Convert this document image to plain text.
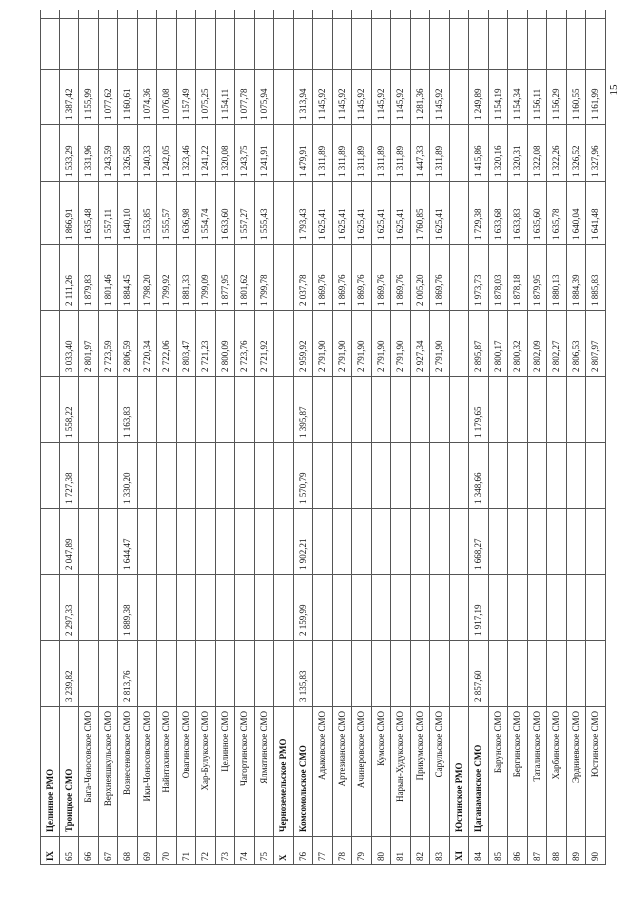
IX
Целинное РМО
65
Троицкое СМО
3 239,82
2 297,33
2 047,89
1 727,38
1 558,22
3 033,40
2 111,26
1 866,91
1 533,29
1 387,42
66
Бага-Чоносовское СМО
2 801,97
1 879,83
1 635,48
1 331,96
1 155,99
67
Верхнеяшкульское СМО
2 723,59
1 801,46
1 557,11
1 243,59
1 077,62
68
Вознесеновское СМО
2 813,76
1 889,38
1 644,47
1 330,20
1 163,83
2 806,59
1 884,45
1 640,10
1 326,58
1 160,61
69
Ики-Чоносовское СМО
2 720,34
1 798,20
1 553,85
1 240,33
1 074,36
70
Найнтахинское СМО
2 722,06
1 799,92
1 555,57
1 242,05
1 076,08
71
Овагинское СМО
2 803,47
1 881,33
1 636,98
1 323,46
1 157,49
72
Хар-Булукское СМО
2 721,23
1 799,09
1 554,74
1 241,22
1 075,25
73
Целинное СМО
2 800,09
1 877,95
1 633,60
1 320,08
1 154,11
74
Чагортинское СМО
2 723,76
1 801,62
1 557,27
1 243,75
1 077,78
75
Ялматинское СМО
2 721,92
1 799,78
1 555,43
1 241,91
1 075,94
X
Черноземельское РМО
76
Комсомольское СМО
3 135,83
2 159,99
1 902,21
1 570,79
1 395,87
2 959,92
2 037,78
1 793,43
1 479,91
1 313,94
77
Адыковское СМО
2 791,90
1 869,76
1 625,41
1 311,89
1 145,92
78
Артезианское СМО
2 791,90
1 869,76
1 625,41
1 311,89
1 145,92
79
Ачинеровское СМО
2 791,90
1 869,76
1 625,41
1 311,89
1 145,92
80
Кумское СМО
2 791,90
1 869,76
1 625,41
1 311,89
1 145,92
81
Нарын-Худукское СМО
2 791,90
1 869,76
1 625,41
1 311,89
1 145,92
82
Прикумское СМО
2 927,34
2 005,20
1 760,85
1 447,33
1 281,36
83
Сарульское СМО
2 791,90
1 869,76
1 625,41
1 311,89
1 145,92
XI
Юстинское РМО
84
Цаганаманское СМО
2 857,60
1 917,19
1 668,27
1 348,66
1 179,65
2 895,87
1 973,73
1 729,38
1 415,86
1 249,89
85
Барунское СМО
2 800,17
1 878,03
1 633,68
1 320,16
1 154,19
86
Бергинское СМО
2 800,32
1 878,18
1 633,83
1 320,31
1 154,34
87
Таталинское СМО
2 802,09
1 879,95
1 635,60
1 322,08
1 156,11
88
Харбинское СМО
2 802,27
1 880,13
1 635,78
1 322,26
1 156,29
89
Эрдниевское СМО
2 806,53
1 884,39
1 640,04
1 326,52
1 160,55
90
Юстинское СМО
2 807,97
1 885,83
1 641,48
1 327,96
1 161,99 15
